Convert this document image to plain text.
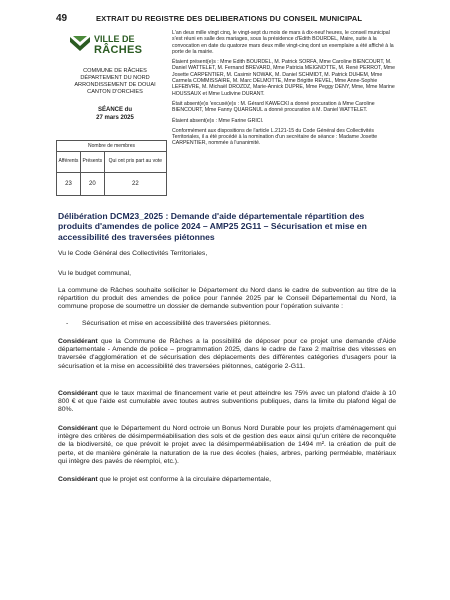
49	EXTRAIT DU REGISTRE DES DELIBERATIONS DU CONSEIL MUNICIPAL
VILLE DE
RÂCHES
COMMUNE DE RÂCHES
DÉPARTEMENT DU NORD
ARRONDISSEMENT DE DOUAI
CANTON D'ORCHIES
SÉANCE du
27 mars 2025
Nombre de membres		
Afférents	Présents	Qui ont pris part au vote
23	20	22

L'an deux mille vingt cinq, le vingt-sept du mois de mars à dix-neuf heures, le conseil municipal s'est réuni en salle des mariages, sous la présidence d'Edith BOURDEL, Maire, suite à la convocation en date du quatorze mars deux mille vingt-cinq dont un exemplaire a été affiché à la porte de la mairie.

Étaient présent(e)s : Mme Edith BOURDEL, M. Patrick SORFA, Mme Caroline BIENCOURT, M. Daniel WATTELET, M. Fernand BREVARD, Mme Patricia MEIGNOTTE, M. René PERROT, Mme Josette CARPENTIER, M. Casimir NOWAK, M. Daniel SCHMIDT, M. Patrick DUHEM, Mme Carmela COMMISSAIRE, M. Marc DELMOTTE, Mme Brigitte REVEL, Mme Anne-Sophie LEFEBVRE, M. Michaël DROZDZ, Marie-Annick DUPRE, Mme Peggy DENY, Mme, Mme Marine HOUSSAUX et Mme Ludivine DURANT.

Était absent(e)s 'excusé(e)s : M. Gérard KAWECKI a donné procuration à Mme Caroline BIENCOURT, Mme Fanny QUARGNUL a donné procuration à M. Daniel WATTELET.

Étaient absent(e)s : Mme Farine GRICI.

Conformément aux dispositions de l'article L.2121-15 du Code Général des Collectivités Territoriales, il a été procédé à la nomination d'un secrétaire de séance : Madame Josette CARPENTIER, nommée à l'unanimité.

Délibération DCM23_2025 : Demande d'aide départementale répartition des produits d'amendes de police 2024 – AMP25 2G11 – Sécurisation et mise en accessibilité des traversées piétonnes

Vu le Code Général des Collectivités Territoriales,

Vu le budget communal,

La commune de Râches souhaite solliciter le Département du Nord dans le cadre de subvention au titre de la répartition du produit des amendes de police pour l'année 2025 par le Conseil Départemental du Nord, la commune propose de soumettre un dossier de demande subvention pour l'opération suivante :

- Sécurisation et mise en accessibilité des traversées piétonnes.

Considérant que la Commune de Râches a la possibilité de déposer pour ce projet une demande d'Aide départementale - Amende de police – programmation 2025, dans le cadre de l'axe 2 maîtrise des vitesses en traversée d'agglomération et de sécurisation des déplacements des différentes catégories d'usagers pour la sécurisation et la mise en accessibilité des traversées piétonnes, catégorie 2-G11.

Considérant que le taux maximal de financement varie et peut atteindre les 75% avec un plafond d'aide à 10 800 € et que l'aide est cumulable avec toutes autres subventions publiques, dans la limite du plafond légal de 80%.

Considérant que le Département du Nord octroie un Bonus Nord Durable pour les projets d'aménagement qui intègre des critères de désimperméabilisation des sols et de gestion des eaux ainsi qu'un critère de reconquête de la biodiversité, ce que prévoit le projet avec la désimperméabilisation de 1494 m². la création de puit de perte, et de manière générale la naturation de la rue des écoles (haies, arbres, parking perméable, matériaux qui intègre des pavés de réemploi, etc.).

Considérant que le projet est conforme à la circulaire départementale,
